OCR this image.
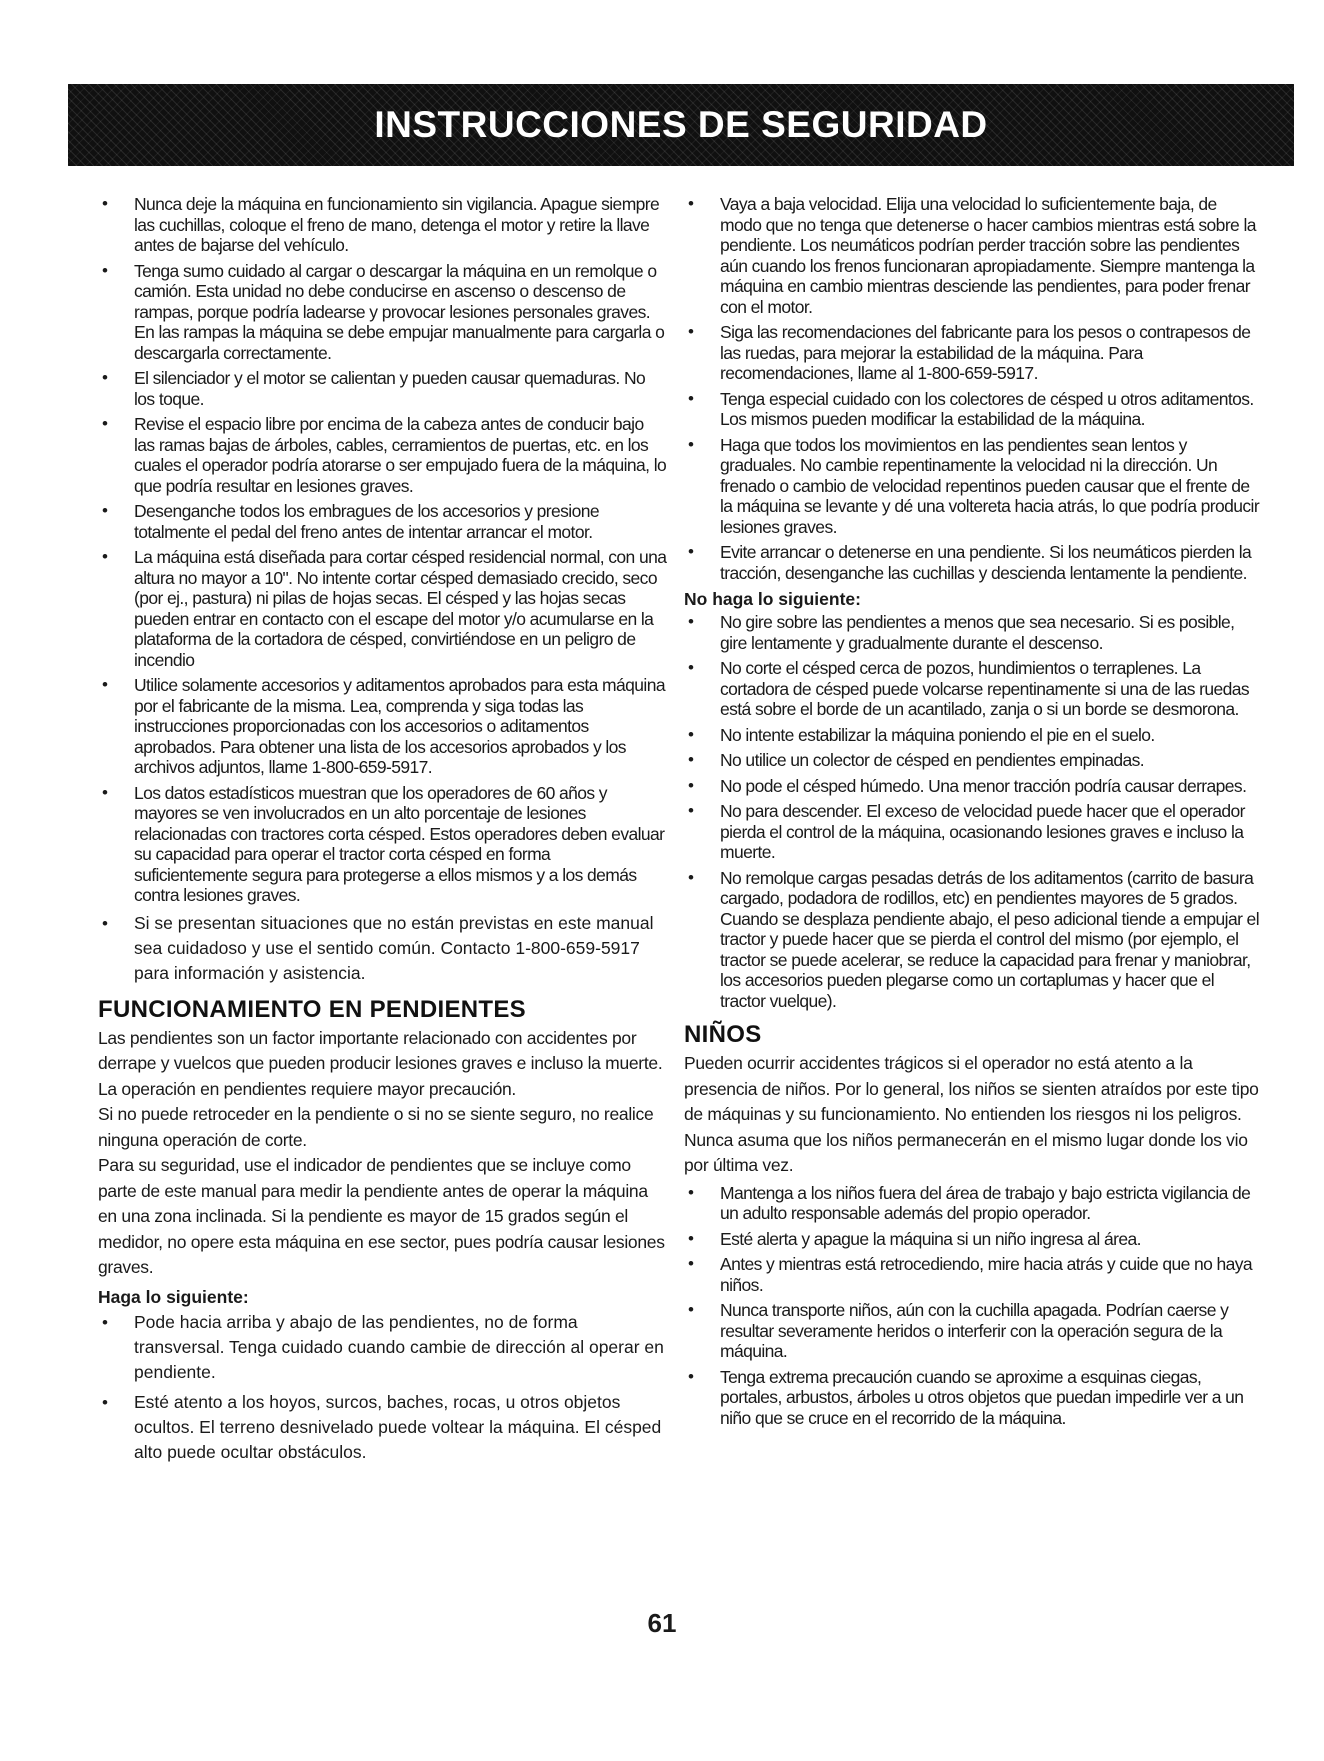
INSTRUCCIONES DE SEGURIDAD
• Nunca deje la máquina en funcionamiento sin vigilancia. Apague siempre las cuchillas, coloque el freno de mano, detenga el motor y retire la llave antes de bajarse del vehículo.
• Tenga sumo cuidado al cargar o descargar la máquina en un remolque o camión. Esta unidad no debe conducirse en ascenso o descenso de rampas, porque podría ladearse y provocar lesiones personales graves. En las rampas la máquina se debe empujar manualmente para cargarla o descargarla correctamente.
• El silenciador y el motor se calientan y pueden causar quemaduras. No los toque.
• Revise el espacio libre por encima de la cabeza antes de conducir bajo las ramas bajas de árboles, cables, cerramientos de puertas, etc. en los cuales el operador podría atorarse o ser empujado fuera de la máquina, lo que podría resultar en lesiones graves.
• Desenganche todos los embragues de los accesorios y presione totalmente el pedal del freno antes de intentar arrancar el motor.
• La máquina está diseñada para cortar césped residencial normal, con una altura no mayor a 10". No intente cortar césped demasiado crecido, seco (por ej., pastura) ni pilas de hojas secas. El césped y las hojas secas pueden entrar en contacto con el escape del motor y/o acumularse en la plataforma de la cortadora de césped, convirtiéndose en un peligro de incendio
• Utilice solamente accesorios y aditamentos aprobados para esta máquina por el fabricante de la misma. Lea, comprenda y siga todas las instrucciones proporcionadas con los accesorios o aditamentos aprobados. Para obtener una lista de los accesorios aprobados y los archivos adjuntos, llame 1-800-659-5917.
• Los datos estadísticos muestran que los operadores de 60 años y mayores se ven involucrados en un alto porcentaje de lesiones relacionadas con tractores corta césped. Estos operadores deben evaluar su capacidad para operar el tractor corta césped en forma suficientemente segura para protegerse a ellos mismos y a los demás contra lesiones graves.
• Si se presentan situaciones que no están previstas en este manual sea cuidadoso y use el sentido común. Contacto 1-800-659-5917 para información y asistencia.
FUNCIONAMIENTO EN PENDIENTES

Las pendientes son un factor importante relacionado con accidentes por derrape y vuelcos que pueden producir lesiones graves e incluso la muerte. La operación en pendientes requiere mayor precaución.

Si no puede retroceder en la pendiente o si no se siente seguro, no realice ninguna operación de corte.

Para su seguridad, use el indicador de pendientes que se incluye como parte de este manual para medir la pendiente antes de operar la máquina en una zona inclinada. Si la pendiente es mayor de 15 grados según el medidor, no opere esta máquina en ese sector, pues podría causar lesiones graves.

Haga lo siguiente:
• Pode hacia arriba y abajo de las pendientes, no de forma transversal. Tenga cuidado cuando cambie de dirección al operar en pendiente.
• Esté atento a los hoyos, surcos, baches, rocas, u otros objetos ocultos. El terreno desnivelado puede voltear la máquina. El césped alto puede ocultar obstáculos.
• Vaya a baja velocidad. Elija una velocidad lo suficientemente baja, de modo que no tenga que detenerse o hacer cambios mientras está sobre la pendiente. Los neumáticos podrían perder tracción sobre las pendientes aún cuando los frenos funcionaran apropiadamente. Siempre mantenga la máquina en cambio mientras desciende las pendientes, para poder frenar con el motor.
• Siga las recomendaciones del fabricante para los pesos o contrapesos de las ruedas, para mejorar la estabilidad de la máquina. Para recomendaciones, llame al 1-800-659-5917.
• Tenga especial cuidado con los colectores de césped u otros aditamentos. Los mismos pueden modificar la estabilidad de la máquina.
• Haga que todos los movimientos en las pendientes sean lentos y graduales. No cambie repentinamente la velocidad ni la dirección. Un frenado o cambio de velocidad repentinos pueden causar que el frente de la máquina se levante y dé una voltereta hacia atrás, lo que podría producir lesiones graves.
• Evite arrancar o detenerse en una pendiente. Si los neumáticos pierden la tracción, desenganche las cuchillas y descienda lentamente la pendiente.
No haga lo siguiente:
• No gire sobre las pendientes a menos que sea necesario. Si es posible, gire lentamente y gradualmente durante el descenso.
• No corte el césped cerca de pozos, hundimientos o terraplenes. La cortadora de césped puede volcarse repentinamente si una de las ruedas está sobre el borde de un acantilado, zanja o si un borde se desmorona.
• No intente estabilizar la máquina poniendo el pie en el suelo.
• No utilice un colector de césped en pendientes empinadas.
• No pode el césped húmedo. Una menor tracción podría causar derrapes.
• No para descender. El exceso de velocidad puede hacer que el operador pierda el control de la máquina, ocasionando lesiones graves e incluso la muerte.
• No remolque cargas pesadas detrás de los aditamentos (carrito de basura cargado, podadora de rodillos, etc) en pendientes mayores de 5 grados. Cuando se desplaza pendiente abajo, el peso adicional tiende a empujar el tractor y puede hacer que se pierda el control del mismo (por ejemplo, el tractor se puede acelerar, se reduce la capacidad para frenar y maniobrar, los accesorios pueden plegarse como un cortaplumas y hacer que el tractor vuelque).
NIÑOS

Pueden ocurrir accidentes trágicos si el operador no está atento a la presencia de niños. Por lo general, los niños se sienten atraídos por este tipo de máquinas y su funcionamiento. No entienden los riesgos ni los peligros. Nunca asuma que los niños permanecerán en el mismo lugar donde los vio por última vez.

• Mantenga a los niños fuera del área de trabajo y bajo estricta vigilancia de un adulto responsable además del propio operador.
• Esté alerta y apague la máquina si un niño ingresa al área.
• Antes y mientras está retrocediendo, mire hacia atrás y cuide que no haya niños.
• Nunca transporte niños, aún con la cuchilla apagada. Podrían caerse y resultar severamente heridos o interferir con la operación segura de la máquina.
• Tenga extrema precaución cuando se aproxime a esquinas ciegas, portales, arbustos, árboles u otros objetos que puedan impedirle ver a un niño que se cruce en el recorrido de la máquina.
61
